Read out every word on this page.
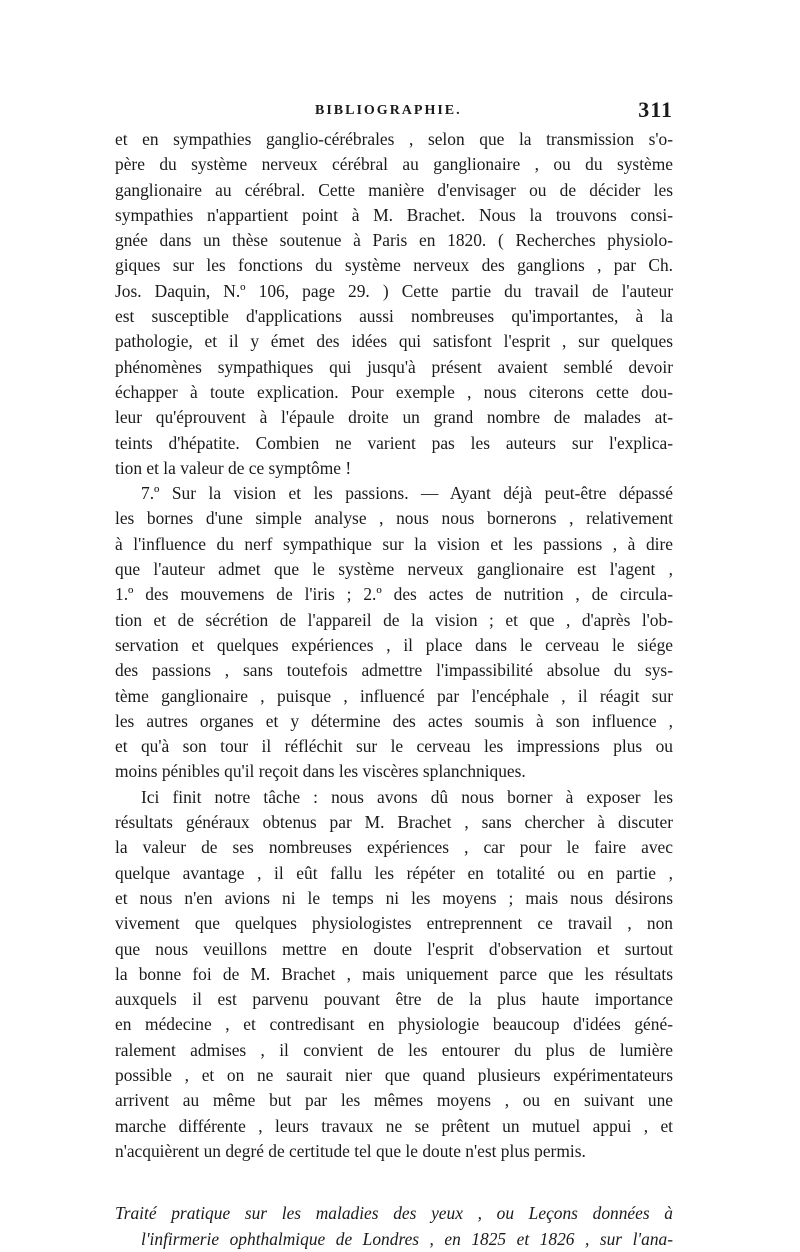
BIBLIOGRAPHIE.	311
et en sympathies ganglio-cérébrales , selon que la transmission s'o-
père du système nerveux cérébral au ganglionaire , ou du système
ganglionaire au cérébral. Cette manière d'envisager ou de décider les
sympathies n'appartient point à M. Brachet. Nous la trouvons consi-
gnée dans un thèse soutenue à Paris en 1820. ( Recherches physiolo-
giques sur les fonctions du système nerveux des ganglions , par Ch.
Jos. Daquin, N.º 106, page 29. ) Cette partie du travail de l'auteur
est susceptible d'applications aussi nombreuses qu'importantes, à la
pathologie, et il y émet des idées qui satisfont l'esprit , sur quelques
phénomènes sympathiques qui jusqu'à présent avaient semblé devoir
échapper à toute explication. Pour exemple , nous citerons cette dou-
leur qu'éprouvent à l'épaule droite un grand nombre de malades at-
teints d'hépatite. Combien ne varient pas les auteurs sur l'explica-
tion et la valeur de ce symptôme !
7.º Sur la vision et les passions. — Ayant déjà peut-être dépassé
les bornes d'une simple analyse , nous nous bornerons , relativement
à l'influence du nerf sympathique sur la vision et les passions , à dire
que l'auteur admet que le système nerveux ganglionaire est l'agent ,
1.º des mouvemens de l'iris ; 2.º des actes de nutrition , de circula-
tion et de sécrétion de l'appareil de la vision ; et que , d'après l'ob-
servation et quelques expériences , il place dans le cerveau le siége
des passions , sans toutefois admettre l'impassibilité absolue du sys-
tème ganglionaire , puisque , influencé par l'encéphale , il réagit sur
les autres organes et y détermine des actes soumis à son influence ,
et qu'à son tour il réfléchit sur le cerveau les impressions plus ou
moins pénibles qu'il reçoit dans les viscères splanchniques.
Ici finit notre tâche : nous avons dû nous borner à exposer les
résultats généraux obtenus par M. Brachet , sans chercher à discuter
la valeur de ses nombreuses expériences , car pour le faire avec
quelque avantage , il eût fallu les répéter en totalité ou en partie ,
et nous n'en avions ni le temps ni les moyens ; mais nous désirons
vivement que quelques physiologistes entreprennent ce travail , non
que nous veuillons mettre en doute l'esprit d'observation et surtout
la bonne foi de M. Brachet , mais uniquement parce que les résultats
auxquels il est parvenu pouvant être de la plus haute importance
en médecine , et contredisant en physiologie beaucoup d'idées géné-
ralement admises , il convient de les entourer du plus de lumière
possible , et on ne saurait nier que quand plusieurs expérimentateurs
arrivent au même but par les mêmes moyens , ou en suivant une
marche différente , leurs travaux ne se prêtent un mutuel appui , et
n'acquièrent un degré de certitude tel que le doute n'est plus permis.
Traité pratique sur les maladies des yeux , ou Leçons données à
l'infirmerie ophthalmique de Londres , en 1825 et 1826 , sur l'ana-
